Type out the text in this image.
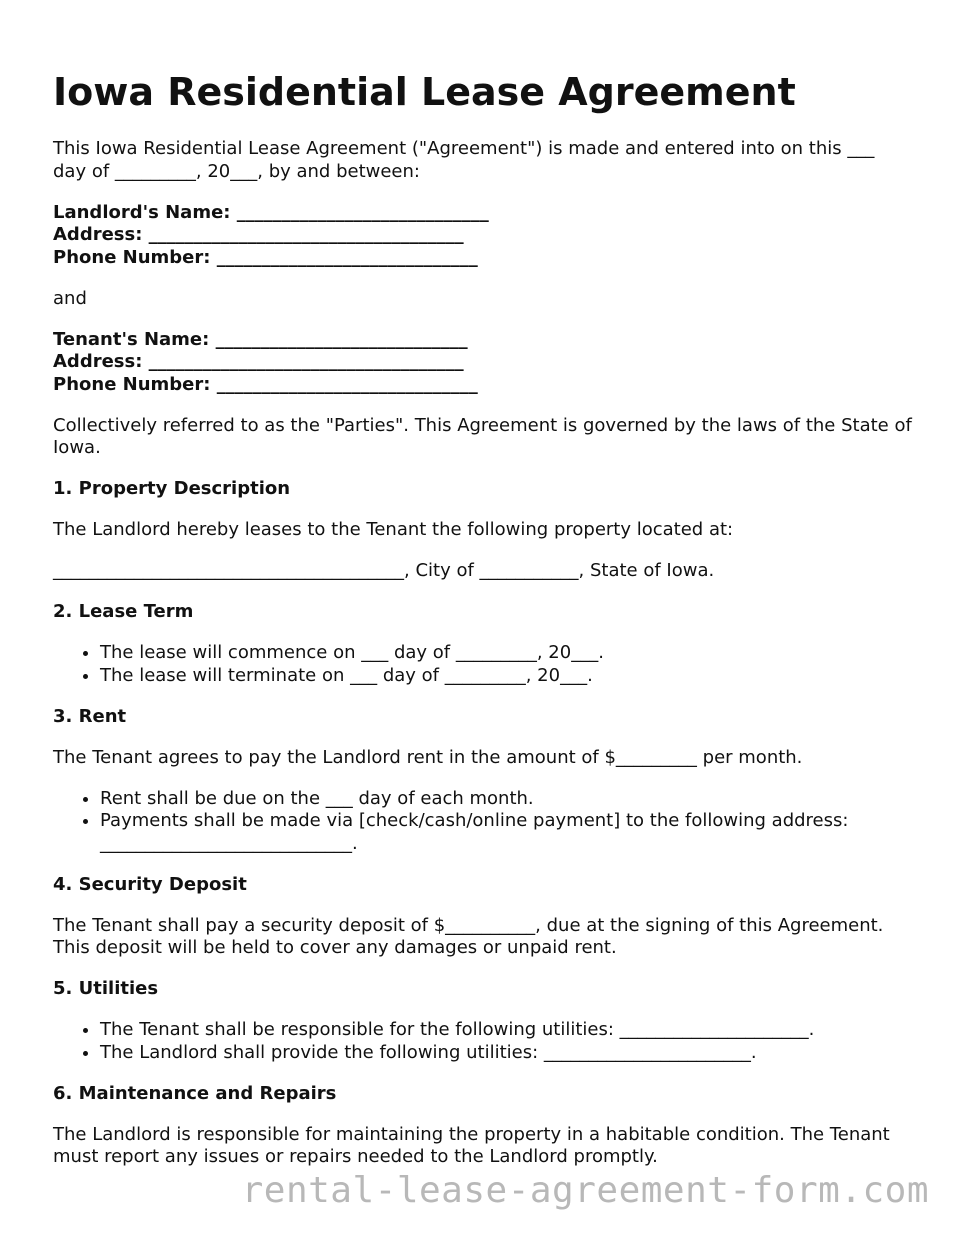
Iowa Residential Lease Agreement

This Iowa Residential Lease Agreement ("Agreement") is made and entered into on this ___ day of _________, 20___, by and between:

Landlord's Name: ____________________________
Address: ___________________________________
Phone Number: _____________________________

and

Tenant's Name: ____________________________
Address: ___________________________________
Phone Number: _____________________________

Collectively referred to as the "Parties". This Agreement is governed by the laws of the State of Iowa.

1. Property Description

The Landlord hereby leases to the Tenant the following property located at:

_______________________________________, City of ___________, State of Iowa.

2. Lease Term
• The lease will commence on ___ day of _________, 20___.
• The lease will terminate on ___ day of _________, 20___.
3. Rent

The Tenant agrees to pay the Landlord rent in the amount of $_________ per month.

• Rent shall be due on the ___ day of each month.
• Payments shall be made via [check/cash/online payment] to the following address: ____________________________.
4. Security Deposit

The Tenant shall pay a security deposit of $__________, due at the signing of this Agreement. This deposit will be held to cover any damages or unpaid rent.

5. Utilities
• The Tenant shall be responsible for the following utilities: _____________________.
• The Landlord shall provide the following utilities: _______________________.
6. Maintenance and Repairs

The Landlord is responsible for maintaining the property in a habitable condition. The Tenant must report any issues or repairs needed to the Landlord promptly.

rental-lease-agreement-form.com
